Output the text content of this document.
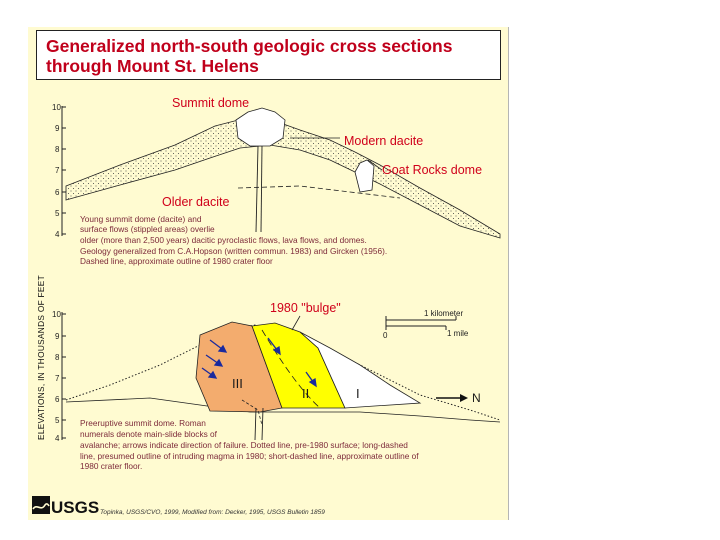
Generalized north-south geologic cross sections
through Mount St. Helens
ELEVATIONS, IN THOUSANDS OF FEET
10
9
8
7
6
5
4
Summit dome
Modern dacite
Goat Rocks dome
Older dacite
Young summit dome (dacite) and
surface flows (stippled areas) overlie
older (more than 2,500 years) dacitic pyroclastic flows, lava flows, and domes.
Geology generalized from C.A.Hopson (written commun. 1983) and Gircken (1956).
Dashed line, approximate outline of 1980 crater floor
10
9
8
7
6
5
4
1980 "bulge"
III
II	I	N
1 kilometer
0	1 mile
Preeruptive summit dome. Roman
numerals denote main-slide blocks of
avalanche; arrows indicate direction of failure. Dotted line, pre-1980 surface; long-dashed
line, presumed outline of intruding magma in 1980; short-dashed line, approximate outline of
1980 crater floor.
USGS Topinka, USGS/CVO, 1999, Modified from: Decker, 1995, USGS Bulletin 1859
